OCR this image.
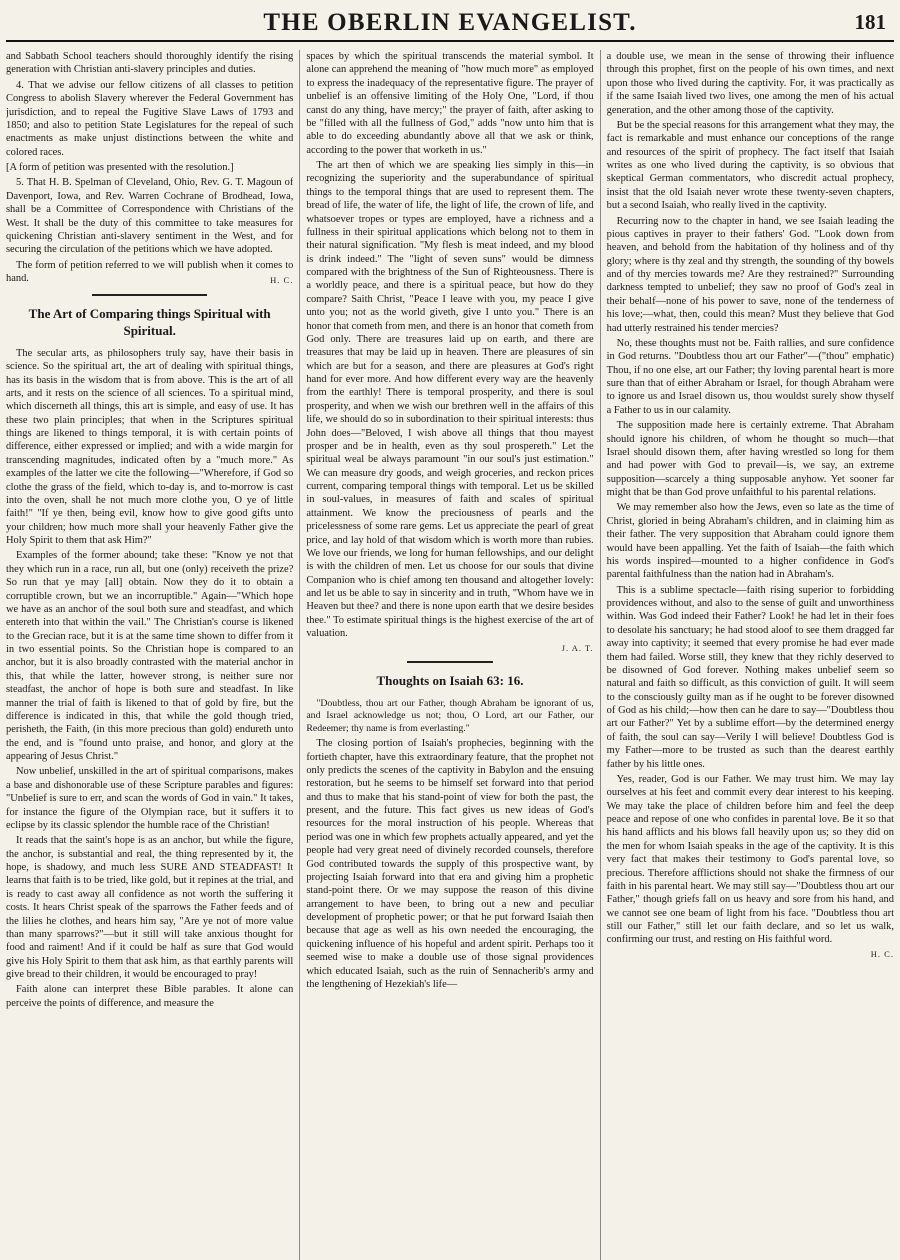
THE OBERLIN EVANGELIST.	181

and Sabbath School teachers should thoroughly identify the rising generation with Christian anti-slavery principles and duties.

4. That we advise our fellow citizens of all classes to petition Congress to abolish Slavery wherever the Federal Government has jurisdiction, and to repeal the Fugitive Slave Laws of 1793 and 1850; and also to petition State Legislatures for the repeal of such enactments as make unjust distinctions between the white and colored races.

[A form of petition was presented with the resolution.]

5. That H. B. Spelman of Cleveland, Ohio, Rev. G. T. Magoun of Davenport, Iowa, and Rev. Warren Cochrane of Brodhead, Iowa, shall be a Committee of Correspondence with Christians of the West. It shall be the duty of this committee to take measures for quickening Christian anti-slavery sentiment in the West, and for securing the circulation of the petitions which we have adopted.

The form of petition referred to we will publish when it comes to hand.	H. C.
The Art of Comparing things Spiritual with Spiritual.

The secular arts, as philosophers truly say, have their basis in science. So the spiritual art, the art of dealing with spiritual things, has its basis in the wisdom that is from above. This is the art of all arts, and it rests on the science of all sciences. To a spiritual mind, which discerneth all things, this art is simple, and easy of use. It has these two plain principles; that when in the Scriptures spiritual things are likened to things temporal, it is with certain points of difference, either expressed or implied; and with a wide margin for transcending magnitudes, indicated often by a "much more." As examples of the latter we cite the following—"Wherefore, if God so clothe the grass of the field, which to-day is, and to-morrow is cast into the oven, shall he not much more clothe you, O ye of little faith!" "If ye then, being evil, know how to give good gifts unto your children; how much more shall your heavenly Father give the Holy Spirit to them that ask Him?"

Examples of the former abound; take these: "Know ye not that they which run in a race, run all, but one (only) receiveth the prize? So run that ye may [all] obtain. Now they do it to obtain a corruptible crown, but we an incorruptible." Again—"Which hope we have as an anchor of the soul both sure and steadfast, and which entereth into that within the vail." The Christian's course is likened to the Grecian race, but it is at the same time shown to differ from it in two essential points. So the Christian hope is compared to an anchor, but it is also broadly contrasted with the material anchor in this, that while the latter, however strong, is neither sure nor steadfast, the anchor of hope is both sure and steadfast. In like manner the trial of faith is likened to that of gold by fire, but the difference is indicated in this, that while the gold though tried, perisheth, the Faith, (in this more precious than gold) endureth unto the end, and is "found unto praise, and honor, and glory at the appearing of Jesus Christ."

Now unbelief, unskilled in the art of spiritual comparisons, makes a base and dishonorable use of these Scripture parables and figures: "Unbelief is sure to err, and scan the words of God in vain." It takes, for instance the figure of the Olympian race, but it suffers it to eclipse by its classic splendor the humble race of the Christian!

It reads that the saint's hope is as an anchor, but while the figure, the anchor, is substantial and real, the thing represented by it, the hope, is shadowy, and much less SURE AND STEADFAST! It learns that faith is to be tried, like gold, but it repines at the trial, and is ready to cast away all confidence as not worth the suffering it costs. It hears Christ speak of the sparrows the Father feeds and of the lilies he clothes, and hears him say, "Are ye not of more value than many sparrows?"—but it still will take anxious thought for food and raiment! And if it could be half as sure that God would give his Holy Spirit to them that ask him, as that earthly parents will give bread to their children, it would be encouraged to pray!

Faith alone can interpret these Bible parables. It alone can perceive the points of difference, and measure the

spaces by which the spiritual transcends the material symbol. It alone can apprehend the meaning of "how much more" as employed to express the inadequacy of the representative figure. The prayer of unbelief is an offensive limiting of the Holy One, "Lord, if thou canst do any thing, have mercy;" the prayer of faith, after asking to be "filled with all the fullness of God," adds "now unto him that is able to do exceeding abundantly above all that we ask or think, according to the power that worketh in us."

The art then of which we are speaking lies simply in this—in recognizing the superiority and the superabundance of spiritual things to the temporal things that are used to represent them. The bread of life, the water of life, the light of life, the crown of life, and whatsoever tropes or types are employed, have a richness and a fullness in their spiritual applications which belong not to them in their natural signification. "My flesh is meat indeed, and my blood is drink indeed." The "light of seven suns" would be dimness compared with the brightness of the Sun of Righteousness. There is a worldly peace, and there is a spiritual peace, but how do they compare? Saith Christ, "Peace I leave with you, my peace I give unto you; not as the world giveth, give I unto you." There is an honor that cometh from men, and there is an honor that cometh from God only. There are treasures laid up on earth, and there are treasures that may be laid up in heaven. There are pleasures of sin which are but for a season, and there are pleasures at God's right hand for ever more. And how different every way are the heavenly from the earthly! There is temporal prosperity, and there is soul prosperity, and when we wish our brethren well in the affairs of this life, we should do so in subordination to their spiritual interests: thus John does—"Beloved, I wish above all things that thou mayest prosper and be in health, even as thy soul prospereth." Let the spiritual weal be always paramount "in our soul's just estimation." We can measure dry goods, and weigh groceries, and reckon prices current, comparing temporal things with temporal. Let us be skilled in soul-values, in measures of faith and scales of spiritual attainment. We know the preciousness of pearls and the pricelessness of some rare gems. Let us appreciate the pearl of great price, and lay hold of that wisdom which is worth more than rubies. We love our friends, we long for human fellowships, and our delight is with the children of men. Let us choose for our souls that divine Companion who is chief among ten thousand and altogether lovely: and let us be able to say in sincerity and in truth, "Whom have we in Heaven but thee? and there is none upon earth that we desire besides thee." To estimate spiritual things is the highest exercise of the art of valuation.

J. A. T.
Thoughts on Isaiah 63: 16.

"Doubtless, thou art our Father, though Abraham be ignorant of us, and Israel acknowledge us not; thou, O Lord, art our Father, our Redeemer; thy name is from everlasting."

The closing portion of Isaiah's prophecies, beginning with the fortieth chapter, have this extraordinary feature, that the prophet not only predicts the scenes of the captivity in Babylon and the ensuing restoration, but he seems to be himself set forward into that period and thus to make that his stand-point of view for both the past, the present, and the future. This fact gives us new ideas of God's resources for the moral instruction of his people. Whereas that period was one in which few prophets actually appeared, and yet the people had very great need of divinely recorded counsels, therefore God contributed towards the supply of this prospective want, by projecting Isaiah forward into that era and giving him a prophetic stand-point there. Or we may suppose the reason of this divine arrangement to have been, to bring out a new and peculiar development of prophetic power; or that he put forward Isaiah then because that age as well as his own needed the encouraging, the quickening influence of his hopeful and ardent spirit. Perhaps too it seemed wise to make a double use of those signal providences which educated Isaiah, such as the ruin of Sennacherib's army and the lengthening of Hezekiah's life—

a double use, we mean in the sense of throwing their influence through this prophet, first on the people of his own times, and next upon those who lived during the captivity. For, it was practically as if the same Isaiah lived two lives, one among the men of his actual generation, and the other among those of the captivity.

But be the special reasons for this arrangement what they may, the fact is remarkable and must enhance our conceptions of the range and resources of the spirit of prophecy. The fact itself that Isaiah writes as one who lived during the captivity, is so obvious that skeptical German commentators, who discredit actual prophecy, insist that the old Isaiah never wrote these twenty-seven chapters, but a second Isaiah, who really lived in the captivity.

Recurring now to the chapter in hand, we see Isaiah leading the pious captives in prayer to their fathers' God. "Look down from heaven, and behold from the habitation of thy holiness and of thy glory; where is thy zeal and thy strength, the sounding of thy bowels and of thy mercies towards me? Are they restrained?" Surrounding darkness tempted to unbelief; they saw no proof of God's zeal in their behalf—none of his power to save, none of the tenderness of his love;—what, then, could this mean? Must they believe that God had utterly restrained his tender mercies?

No, these thoughts must not be. Faith rallies, and sure confidence in God returns. "Doubtless thou art our Father"—("thou" emphatic) Thou, if no one else, art our Father; thy loving parental heart is more sure than that of either Abraham or Israel, for though Abraham were to ignore us and Israel disown us, thou wouldst surely show thyself a Father to us in our calamity.

The supposition made here is certainly extreme. That Abraham should ignore his children, of whom he thought so much—that Israel should disown them, after having wrestled so long for them and had power with God to prevail—is, we say, an extreme supposition—scarcely a thing supposable anyhow. Yet sooner far might that be than God prove unfaithful to his parental relations.

We may remember also how the Jews, even so late as the time of Christ, gloried in being Abraham's children, and in claiming him as their father. The very supposition that Abraham could ignore them would have been appalling. Yet the faith of Isaiah—the faith which his words inspired—mounted to a higher confidence in God's parental faithfulness than the nation had in Abraham's.

This is a sublime spectacle—faith rising superior to forbidding providences without, and also to the sense of guilt and unworthiness within. Was God indeed their Father? Look! he had let in their foes to desolate his sanctuary; he had stood aloof to see them dragged far away into captivity; it seemed that every promise he had ever made them had failed. Worse still, they knew that they richly deserved to be disowned of God forever. Nothing makes unbelief seem so natural and faith so difficult, as this conviction of guilt. It will seem to the consciously guilty man as if he ought to be forever disowned of God as his child;—how then can he dare to say—"Doubtless thou art our Father?" Yet by a sublime effort—by the determined energy of faith, the soul can say—Verily I will believe! Doubtless God is my Father—more to be trusted as such than the dearest earthly father by his little ones.

Yes, reader, God is our Father. We may trust him. We may lay ourselves at his feet and commit every dear interest to his keeping. We may take the place of children before him and feel the deep peace and repose of one who confides in parental love. Be it so that his hand afflicts and his blows fall heavily upon us; so they did on the men for whom Isaiah speaks in the age of the captivity. It is this very fact that makes their testimony to God's parental love, so precious. Therefore afflictions should not shake the firmness of our faith in his parental heart. We may still say—"Doubtless thou art our Father," though griefs fall on us heavy and sore from his hand, and we cannot see one beam of light from his face. "Doubtless thou art still our Father," still let our faith declare, and so let us walk, confirming our trust, and resting on His faithful word.

H. C.
